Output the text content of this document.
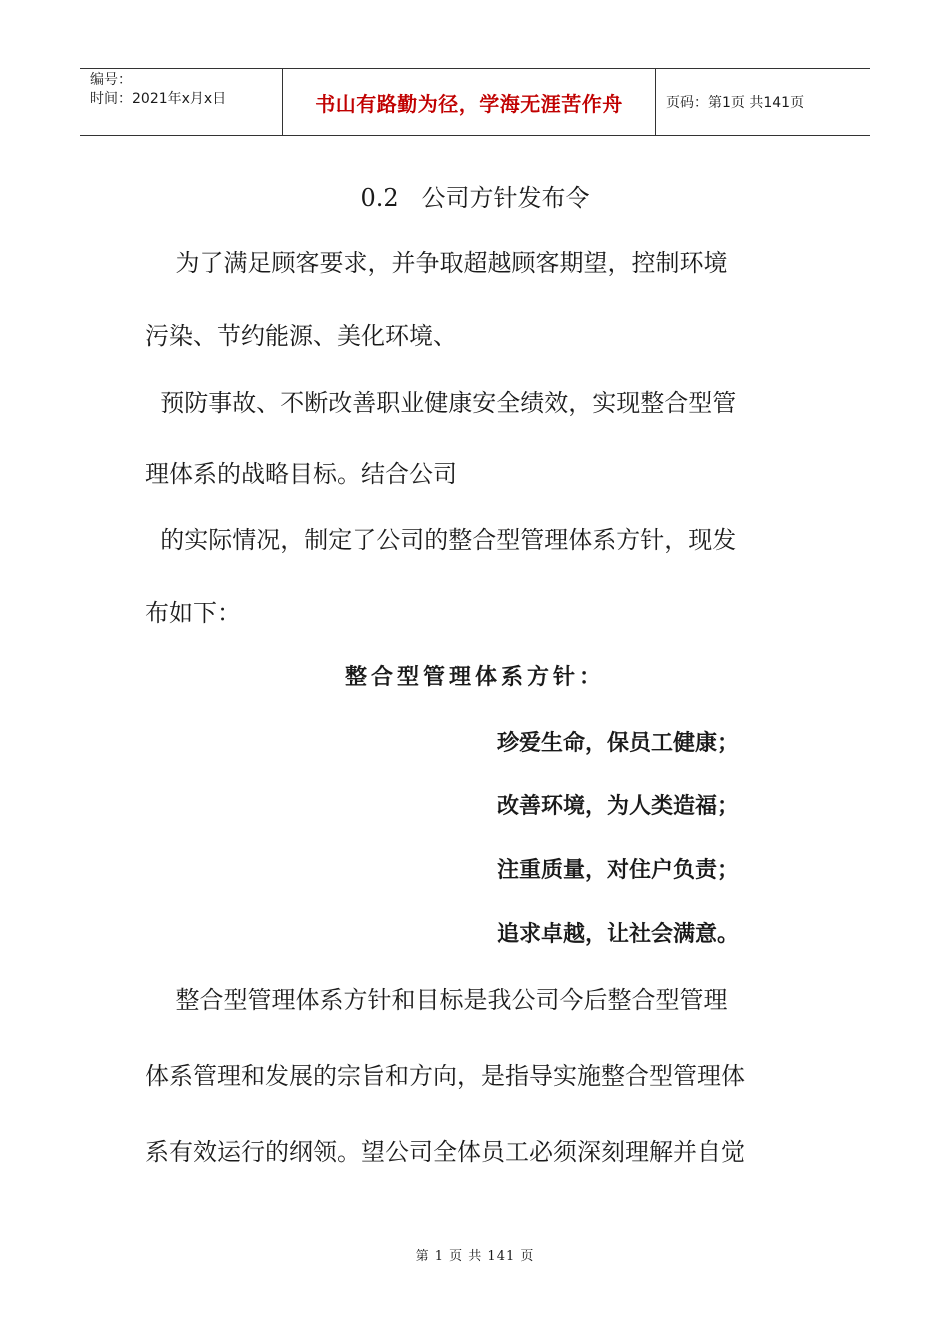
编号：
时间：2021年x月x日	书山有路勤为径，学海无涯苦作舟	页码：第1页 共141页
0.2   公司方针发布令
为了满足顾客要求，并争取超越顾客期望，控制环境
污染、节约能源、美化环境、
预防事故、不断改善职业健康安全绩效，实现整合型管
理体系的战略目标。结合公司
的实际情况，制定了公司的整合型管理体系方针，现发
布如下：
整合型管理体系方针：
珍爱生命，保员工健康；
改善环境，为人类造福；
注重质量，对住户负责；
追求卓越，让社会满意。
整合型管理体系方针和目标是我公司今后整合型管理
体系管理和发展的宗旨和方向，是指导实施整合型管理体
系有效运行的纲领。望公司全体员工必须深刻理解并自觉
第 1 页 共 141 页
